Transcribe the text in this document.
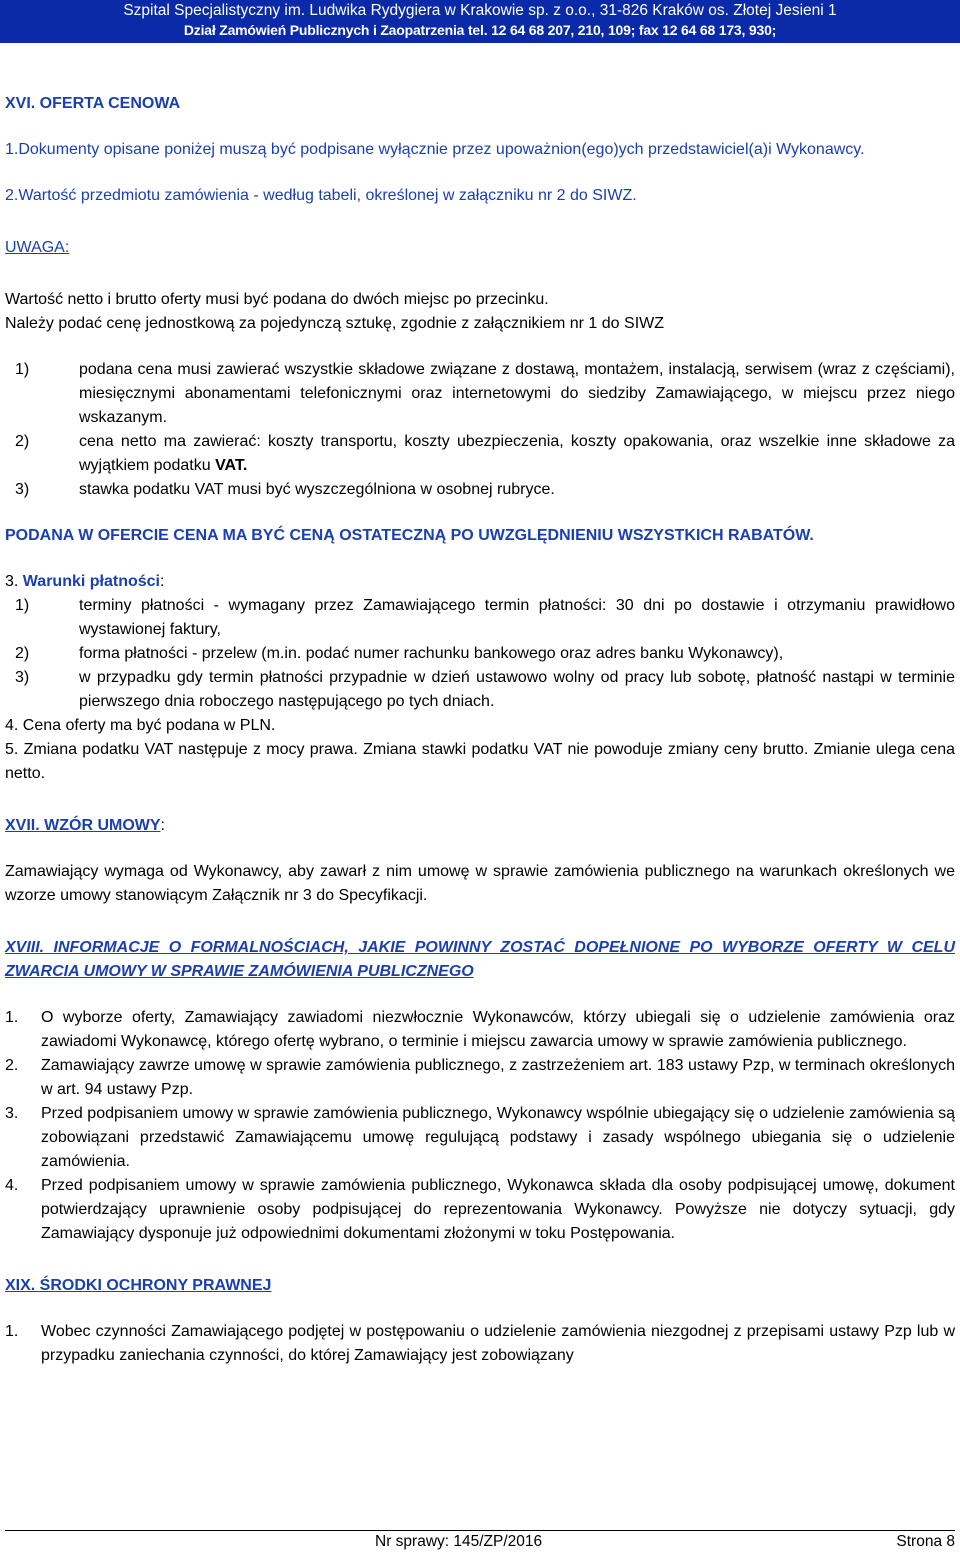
Szpital Specjalistyczny im. Ludwika Rydygiera w Krakowie sp. z o.o., 31-826 Kraków os. Złotej Jesieni 1
Dział Zamówień Publicznych i Zaopatrzenia tel. 12 64 68 207, 210, 109; fax 12 64 68 173, 930;

XVI. OFERTA CENOWA

1.Dokumenty opisane poniżej muszą być podpisane wyłącznie przez upoważnion(ego)ych przedstawiciel(a)i Wykonawcy.

2.Wartość przedmiotu zamówienia - według tabeli, określonej w załączniku nr 2 do SIWZ.

UWAGA:

Wartość netto i brutto oferty musi być podana do dwóch miejsc po przecinku.

Należy podać cenę jednostkową za pojedynczą sztukę, zgodnie z załącznikiem nr 1 do SIWZ

1)	podana cena musi zawierać wszystkie składowe związane z dostawą, montażem, instalacją, serwisem (wraz z częściami), miesięcznymi abonamentami telefonicznymi oraz internetowymi do siedziby Zamawiającego, w miejscu przez niego wskazanym.
2)	cena netto ma zawierać: koszty transportu, koszty ubezpieczenia, koszty opakowania, oraz wszelkie inne składowe za wyjątkiem podatku VAT.
3)	stawka podatku VAT musi być wyszczególniona w osobnej rubryce.

PODANA W OFERCIE CENA MA BYĆ CENĄ OSTATECZNĄ PO UWZGLĘDNIENIU WSZYSTKICH RABATÓW.

3. Warunki płatności:

1)	terminy płatności - wymagany przez Zamawiającego termin płatności: 30 dni po dostawie i otrzymaniu prawidłowo wystawionej faktury,
2)	forma płatności - przelew (m.in. podać numer rachunku bankowego oraz adres banku Wykonawcy),
3)	w przypadku gdy termin płatności przypadnie w dzień ustawowo wolny od pracy lub sobotę, płatność nastąpi w terminie pierwszego dnia roboczego następującego po tych dniach.

4. Cena oferty ma być podana w PLN.

5. Zmiana podatku VAT następuje z mocy prawa. Zmiana stawki podatku VAT nie powoduje zmiany ceny brutto. Zmianie ulega cena netto.

XVII. WZÓR UMOWY:

Zamawiający wymaga od Wykonawcy, aby zawarł z nim umowę w sprawie zamówienia publicznego na warunkach określonych we wzorze umowy stanowiącym Załącznik nr 3 do Specyfikacji.

XVIII. INFORMACJE O FORMALNOŚCIACH, JAKIE POWINNY ZOSTAĆ DOPEŁNIONE PO WYBORZE OFERTY W CELU ZWARCIA UMOWY W SPRAWIE ZAMÓWIENIA PUBLICZNEGO

1.	O wyborze oferty, Zamawiający zawiadomi niezwłocznie Wykonawców, którzy ubiegali się o udzielenie zamówienia oraz zawiadomi Wykonawcę, którego ofertę wybrano, o terminie i miejscu zawarcia umowy w sprawie zamówienia publicznego.
2.	Zamawiający zawrze umowę w sprawie zamówienia publicznego, z zastrzeżeniem art. 183 ustawy Pzp, w terminach określonych w art. 94 ustawy Pzp.
3.	Przed podpisaniem umowy w sprawie zamówienia publicznego, Wykonawcy wspólnie ubiegający się o udzielenie zamówienia są zobowiązani przedstawić Zamawiającemu umowę regulującą podstawy i zasady wspólnego ubiegania się o udzielenie zamówienia.
4.	Przed podpisaniem umowy w sprawie zamówienia publicznego, Wykonawca składa dla osoby podpisującej umowę, dokument potwierdzający uprawnienie osoby podpisującej do reprezentowania Wykonawcy. Powyższe nie dotyczy sytuacji, gdy Zamawiający dysponuje już odpowiednimi dokumentami złożonymi w toku Postępowania.

XIX. ŚRODKI OCHRONY PRAWNEJ

1.	Wobec czynności Zamawiającego podjętej w postępowaniu o udzielenie zamówienia niezgodnej z przepisami ustawy Pzp lub w przypadku zaniechania czynności, do której Zamawiający jest zobowiązany
Nr sprawy: 145/ZP/2016	Strona 8
